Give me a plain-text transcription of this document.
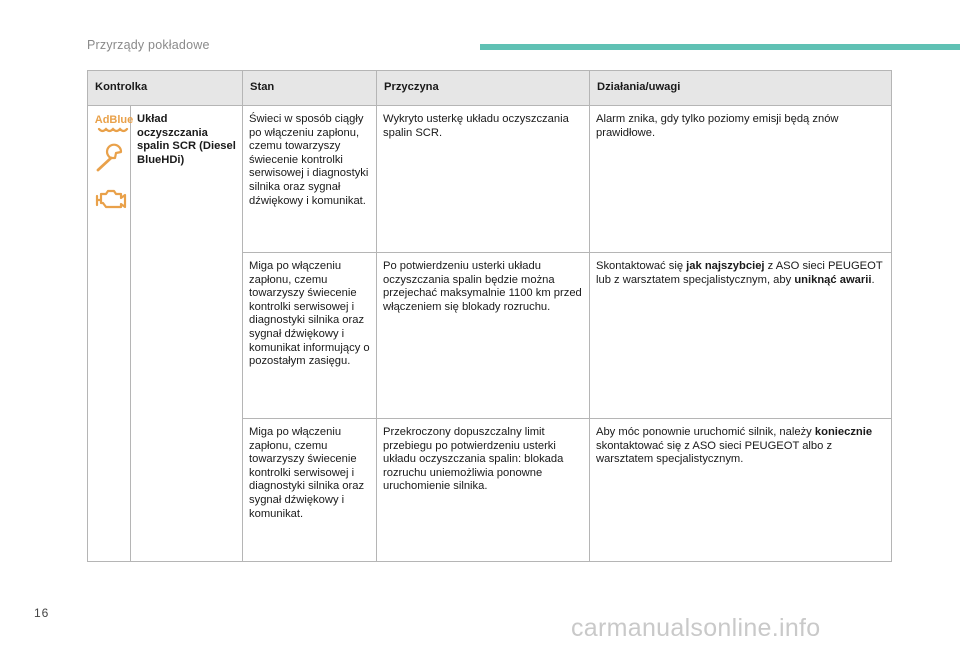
Przyrządy pokładowe
Kontrolka		Stan	Przyczyna	Działania/uwagi

AdBlue	Układ oczyszczania spalin SCR (Diesel BlueHDi)	Świeci w sposób ciągły po włączeniu zapłonu, czemu towarzyszy świecenie kontrolki serwisowej i diagnostyki silnika oraz sygnał dźwiękowy i komunikat.	Wykryto usterkę układu oczyszczania spalin SCR.	Alarm znika, gdy tylko poziomy emisji będą znów prawidłowe.
		Miga po włączeniu zapłonu, czemu towarzyszy świecenie kontrolki serwisowej i diagnostyki silnika oraz sygnał dźwiękowy i komunikat informujący o pozostałym zasięgu.	Po potwierdzeniu usterki układu oczyszczania spalin będzie można przejechać maksymalnie 1100 km przed włączeniem się blokady rozruchu.	Skontaktować się jak najszybciej z ASO sieci PEUGEOT lub z warsztatem specjalistycznym, aby uniknąć awarii.
		Miga po włączeniu zapłonu, czemu towarzyszy świecenie kontrolki serwisowej i diagnostyki silnika oraz sygnał dźwiękowy i komunikat.	Przekroczony dopuszczalny limit przebiegu po potwierdzeniu usterki układu oczyszczania spalin: blokada rozruchu uniemożliwia ponowne uruchomienie silnika.	Aby móc ponownie uruchomić silnik, należy koniecznie skontaktować się z ASO sieci PEUGEOT albo z warsztatem specjalistycznym.
16
carmanualsonline.info
